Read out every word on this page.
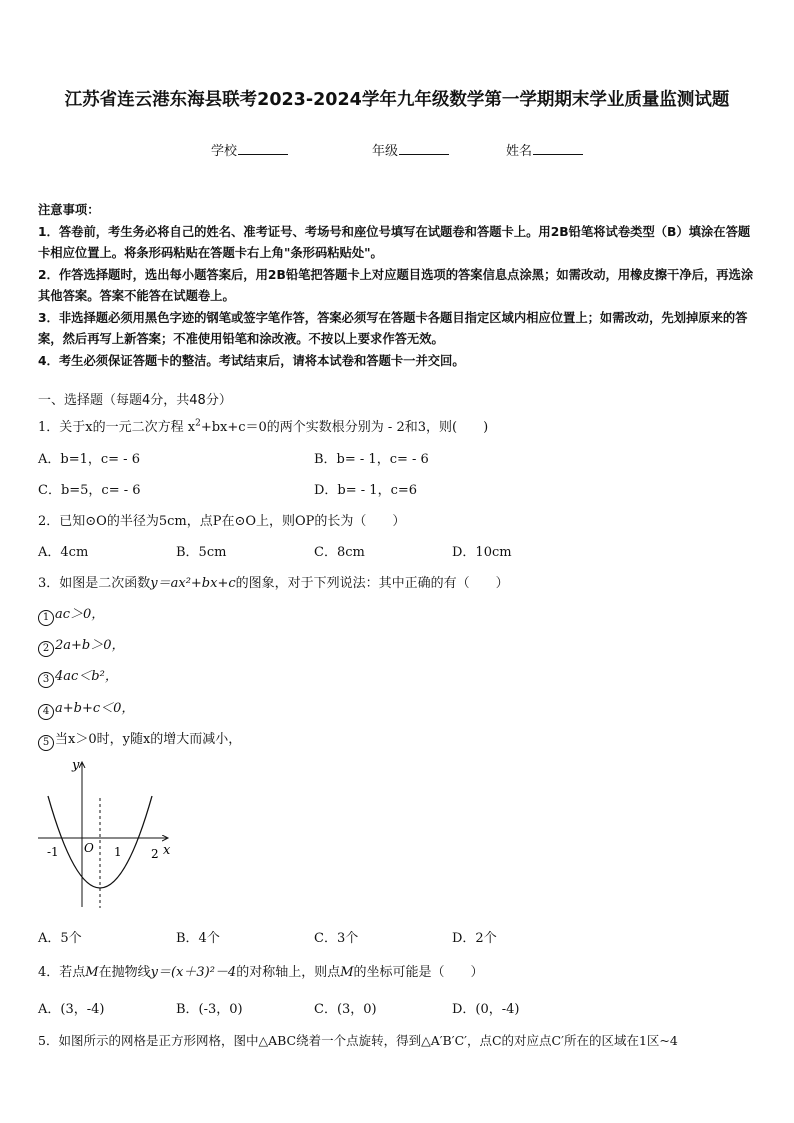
江苏省连云港东海县联考2023-2024学年九年级数学第一学期期末学业质量监测试题
学校	年级	姓名
注意事项：
1．答卷前，考生务必将自己的姓名、准考证号、考场号和座位号填写在试题卷和答题卡上。用2B铅笔将试卷类型（B）填涂在答题卡相应位置上。将条形码粘贴在答题卡右上角"条形码粘贴处"。
2．作答选择题时，选出每小题答案后，用2B铅笔把答题卡上对应题目选项的答案信息点涂黑；如需改动，用橡皮擦干净后，再选涂其他答案。答案不能答在试题卷上。
3．非选择题必须用黑色字迹的钢笔或签字笔作答，答案必须写在答题卡各题目指定区域内相应位置上；如需改动，先划掉原来的答案，然后再写上新答案；不准使用铅笔和涂改液。不按以上要求作答无效。
4．考生必须保证答题卡的整洁。考试结束后，请将本试卷和答题卡一并交回。
一、选择题（每题4分，共48分）
1．关于x的一元二次方程 $x^2+bx+c=0$的两个实数根分别为 - 2和3，则(　　)
A．b=1，c= - 6	B．b= - 1，c= - 6
C．b=5，c= - 6	D．b= - 1，c=6
2．已知⊙O的半径为5cm，点P在⊙O上，则OP的长为（　　）
A．4cm	B．5cm	C．8cm	D．10cm
3．如图是二次函数y＝ax²+bx+c的图象，对于下列说法：其中正确的有（　　）
1 ac＞0，
2 2a+b＞0，
3 4ac＜b²，
4 a+b+c＜0，
5 当x＞0时，y随x的增大而减小，
y
x
O
-1	1 2
A．5个	B．4个	C．3个	D．2个
4．若点M在抛物线y＝(x＋3)²－4的对称轴上，则点M的坐标可能是（　　）
A．(3，-4)	B．(-3，0)	C．(3，0)	D．(0，-4)
5．如图所示的网格是正方形网格，图中△ABC绕着一个点旋转，得到△A′B′C′，点C的对应点C′所在的区域在1区~4
